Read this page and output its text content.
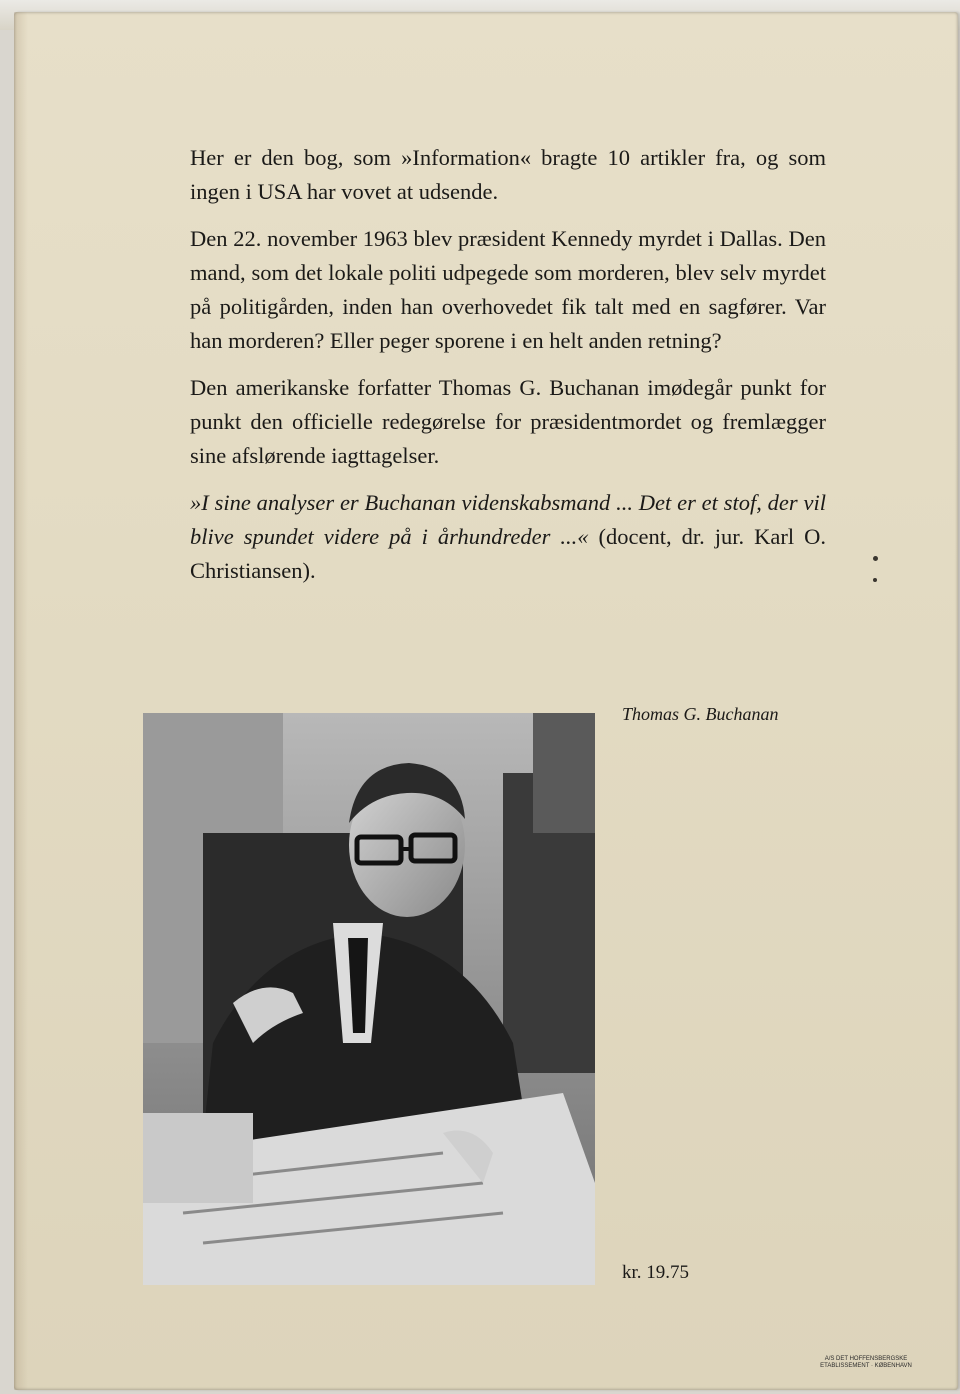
Her er den bog, som »Information« bragte 10 artikler fra, og som ingen i USA har vovet at udsende.

Den 22. november 1963 blev præsident Kennedy myrdet i Dallas. Den mand, som det lokale politi udpegede som morderen, blev selv myrdet på politigården, inden han overhovedet fik talt med en sagfører. Var han morderen? Eller peger sporene i en helt anden retning?

Den amerikanske forfatter Thomas G. Buchanan imødegår punkt for punkt den officielle redegørelse for præsidentmordet og fremlægger sine afslørende iagttagelser.

»I sine analyser er Buchanan videnskabsmand ... Det er et stof, der vil blive spundet videre på i århundreder ...« (docent, dr. jur. Karl O. Christiansen).

Thomas G. Buchanan
kr. 19.75
A/S DET HOFFENSBERGSKE
ETABLISSEMENT · KØBENHAVN
